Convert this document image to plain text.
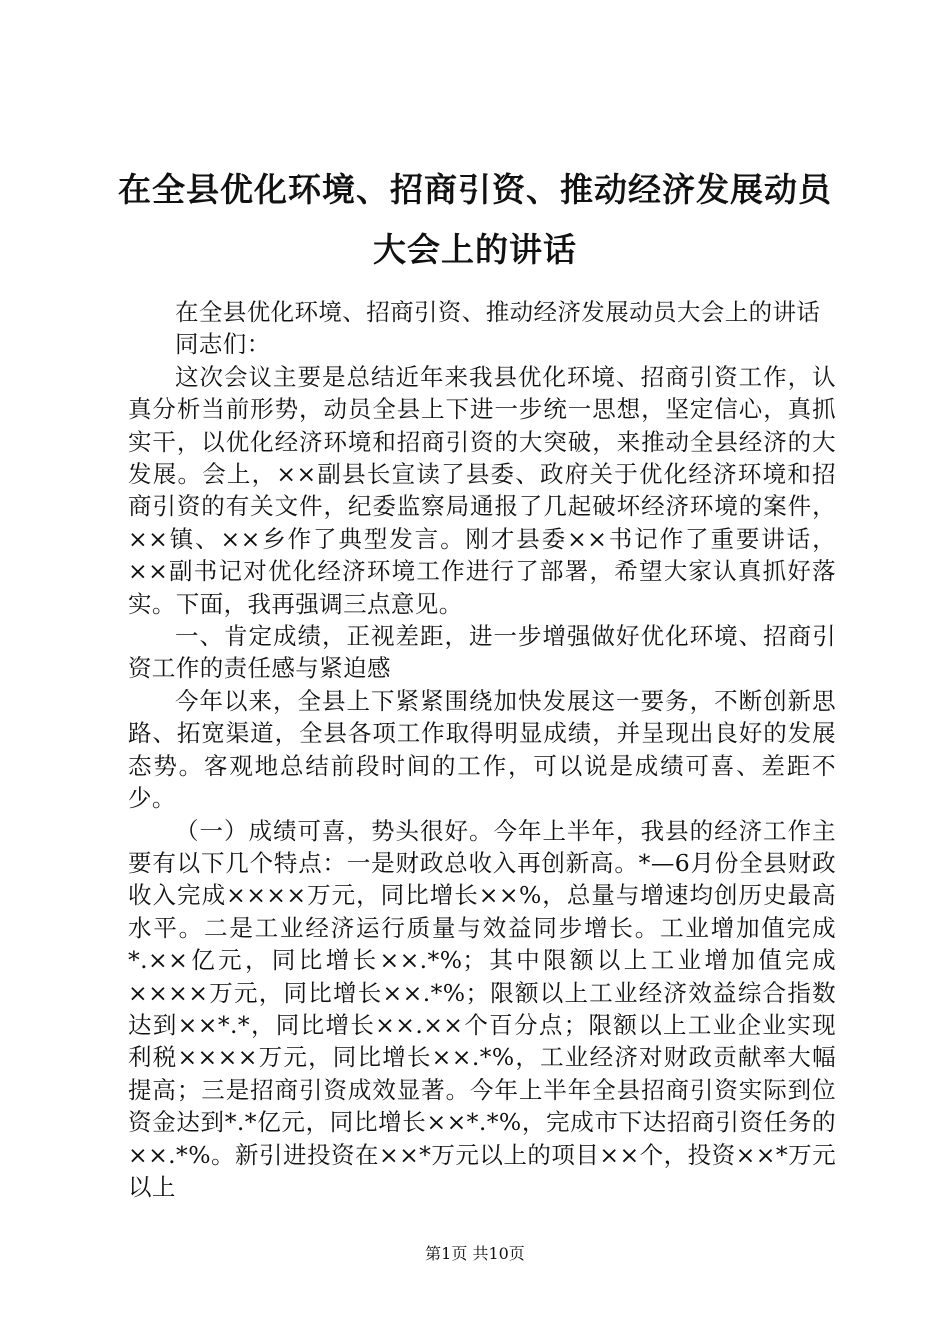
在全县优化环境、招商引资、推动经济发展动员大会上的讲话

在全县优化环境、招商引资、推动经济发展动员大会上的讲话

同志们：

这次会议主要是总结近年来我县优化环境、招商引资工作，认真分析当前形势，动员全县上下进一步统一思想，坚定信心，真抓实干，以优化经济环境和招商引资的大突破，来推动全县经济的大发展。会上，××副县长宣读了县委、政府关于优化经济环境和招商引资的有关文件，纪委监察局通报了几起破坏经济环境的案件，××镇、××乡作了典型发言。刚才县委××书记作了重要讲话，××副书记对优化经济环境工作进行了部署，希望大家认真抓好落实。下面，我再强调三点意见。

一、肯定成绩，正视差距，进一步增强做好优化环境、招商引资工作的责任感与紧迫感

今年以来，全县上下紧紧围绕加快发展这一要务，不断创新思路、拓宽渠道，全县各项工作取得明显成绩，并呈现出良好的发展态势。客观地总结前段时间的工作，可以说是成绩可喜、差距不少。

（一）成绩可喜，势头很好。今年上半年，我县的经济工作主要有以下几个特点：一是财政总收入再创新高。*—6月份全县财政收入完成××××万元，同比增长××%，总量与增速均创历史最高水平。二是工业经济运行质量与效益同步增长。工业增加值完成*.××亿元，同比增长××.*%；其中限额以上工业增加值完成××××万元，同比增长××.*%；限额以上工业经济效益综合指数达到××*.*，同比增长××.××个百分点；限额以上工业企业实现利税××××万元，同比增长××.*%，工业经济对财政贡献率大幅提高；三是招商引资成效显著。今年上半年全县招商引资实际到位资金达到*.*亿元，同比增长××*.*%，完成市下达招商引资任务的××.*%。新引进投资在××*万元以上的项目××个，投资××*万元以上

第1页 共10页
